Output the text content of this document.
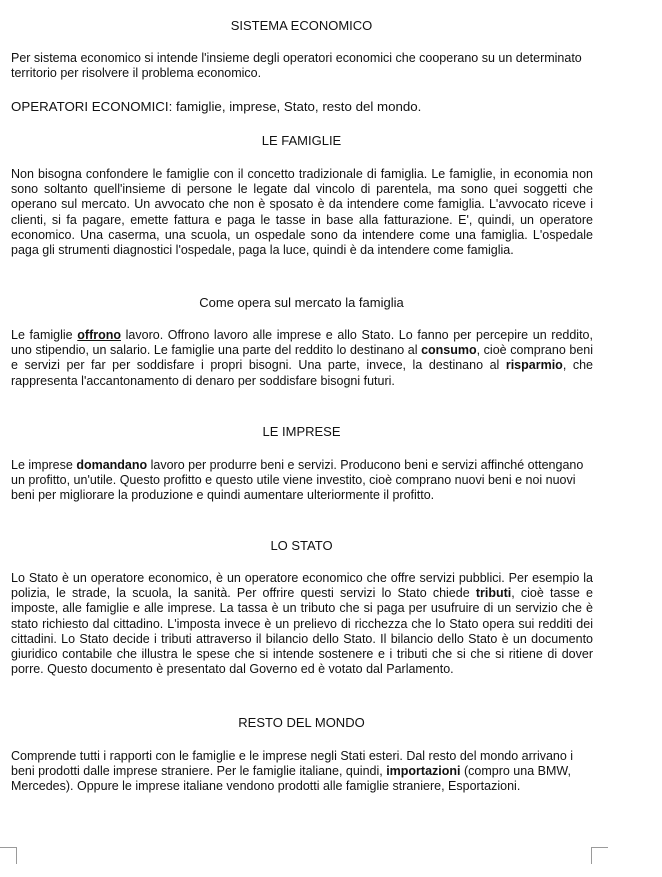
SISTEMA ECONOMICO
Per sistema economico si intende l'insieme degli operatori economici che cooperano su un determinato territorio per risolvere il problema economico.
OPERATORI ECONOMICI: famiglie, imprese, Stato, resto del mondo.
LE FAMIGLIE
Non bisogna confondere le famiglie con il concetto tradizionale di famiglia. Le famiglie, in economia non sono soltanto quell'insieme di persone le legate dal vincolo di parentela, ma sono quei soggetti che operano sul mercato. Un avvocato che non è sposato è da intendere come famiglia. L'avvocato riceve i clienti, si fa pagare, emette fattura e paga le tasse in base alla fatturazione. E', quindi, un operatore economico. Una caserma, una scuola, un ospedale sono da intendere come una famiglia. L'ospedale paga gli strumenti diagnostici l'ospedale, paga la luce, quindi è da intendere come famiglia.
Come opera sul mercato la famiglia
Le famiglie offrono lavoro. Offrono lavoro alle imprese e allo Stato. Lo fanno per percepire un reddito, uno stipendio, un salario. Le famiglie una parte del reddito lo destinano al consumo, cioè comprano beni e servizi per far per soddisfare i propri bisogni. Una parte, invece, la destinano al risparmio, che rappresenta l'accantonamento di denaro per soddisfare bisogni futuri.
LE IMPRESE
Le imprese domandano lavoro per produrre beni e servizi. Producono beni e servizi affinché ottengano un profitto, un'utile. Questo profitto e questo utile viene investito, cioè comprano nuovi beni e noi nuovi beni per migliorare la produzione e quindi aumentare ulteriormente il profitto.
LO STATO
Lo Stato è un operatore economico, è un operatore economico che offre servizi pubblici. Per esempio la polizia, le strade, la scuola, la sanità. Per offrire questi servizi lo Stato chiede tributi, cioè tasse e imposte, alle famiglie e alle imprese. La tassa è un tributo che si paga per usufruire di un servizio che è stato richiesto dal cittadino. L'imposta invece è un prelievo di ricchezza che lo Stato opera sui redditi dei cittadini. Lo Stato decide i tributi attraverso il bilancio dello Stato. Il bilancio dello Stato è un documento giuridico contabile che illustra le spese che si intende sostenere e i tributi che si che si ritiene di dover porre. Questo documento è presentato dal Governo ed è votato dal Parlamento.
RESTO DEL MONDO
Comprende tutti i rapporti con le famiglie e le imprese negli Stati esteri. Dal resto del mondo arrivano i beni prodotti dalle imprese straniere. Per le famiglie italiane, quindi, importazioni (compro una BMW, Mercedes). Oppure le imprese italiane vendono prodotti alle famiglie straniere, Esportazioni.
